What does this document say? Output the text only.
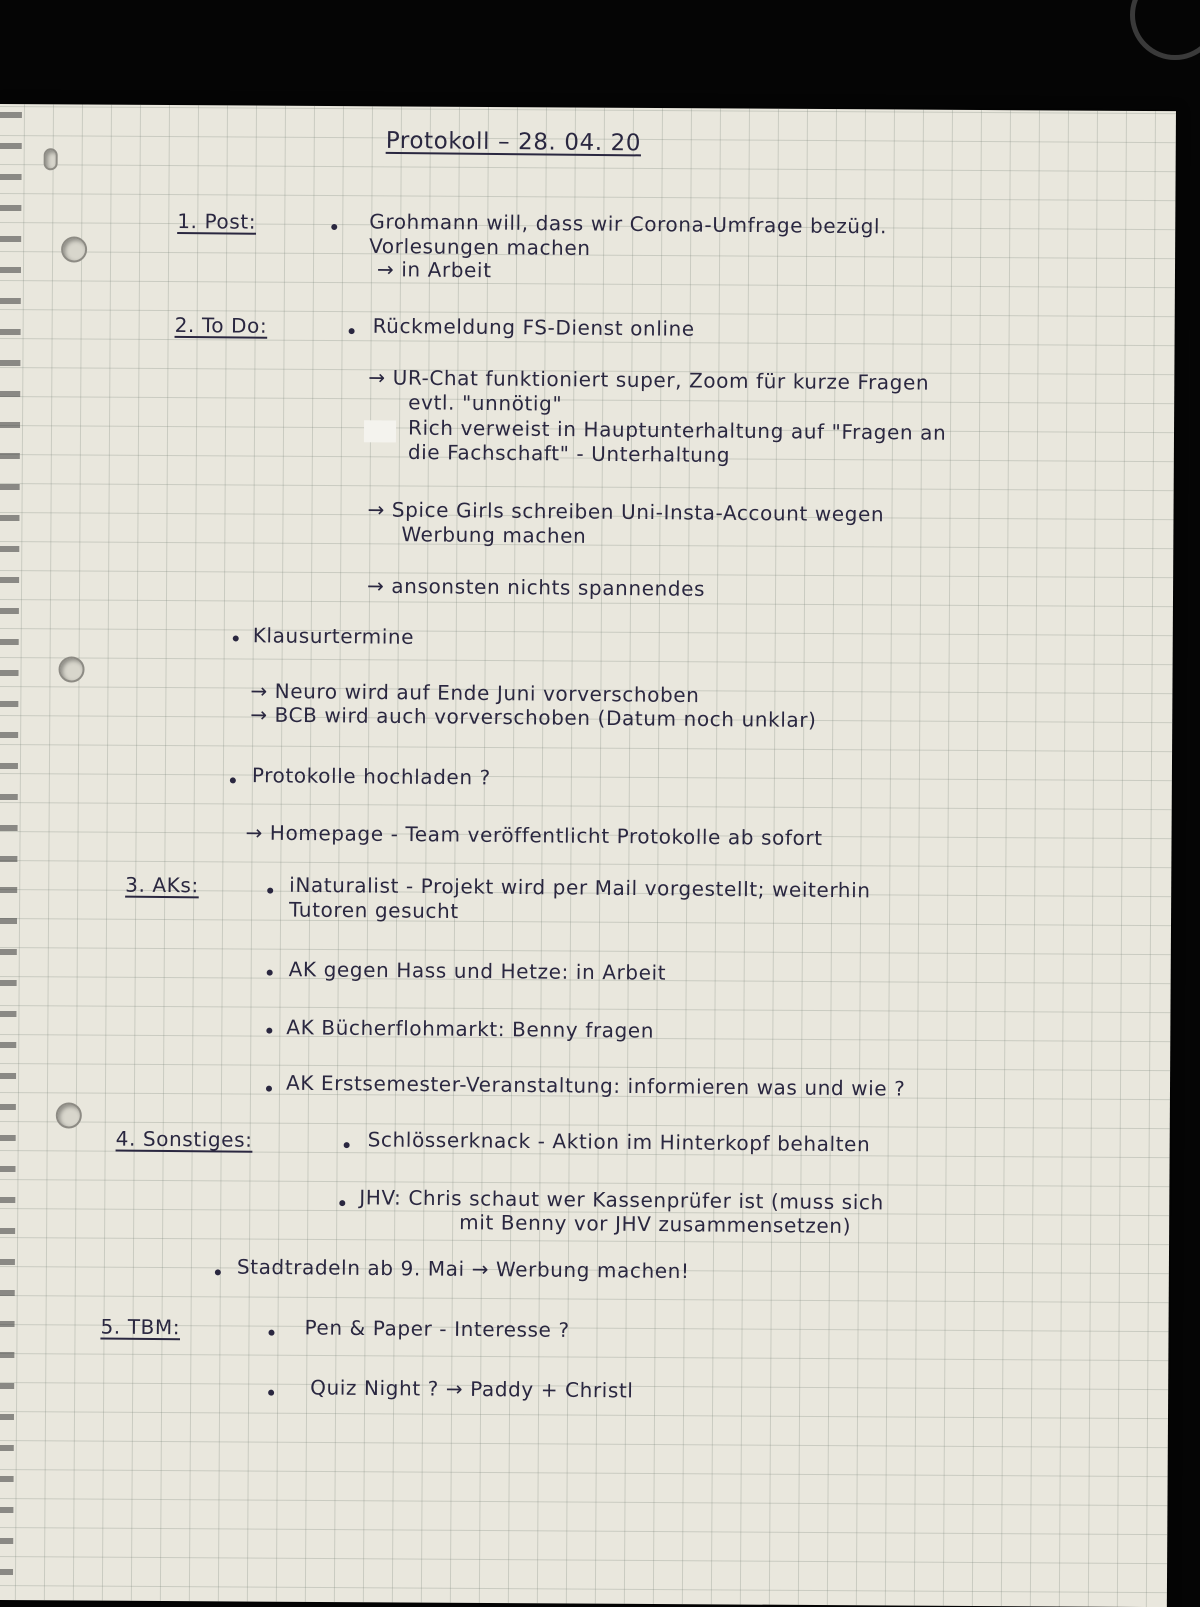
Protokoll – 28. 04. 20
1. Post:	Grohmann will, dass wir Corona-Umfrage bezügl.
Vorlesungen machen
→ in Arbeit
2. To Do:	Rückmeldung FS-Dienst online
→ UR-Chat funktioniert super, Zoom für kurze Fragen
evtl. "unnötig"
Rich verweist in Hauptunterhaltung auf "Fragen an
die Fachschaft" - Unterhaltung
→ Spice Girls schreiben Uni-Insta-Account wegen
Werbung machen
→ ansonsten nichts spannendes
Klausurtermine
→ Neuro wird auf Ende Juni vorverschoben
→ BCB wird auch vorverschoben (Datum noch unklar)
Protokolle hochladen ?
→ Homepage - Team veröffentlicht Protokolle ab sofort
3. AKs:	iNaturalist - Projekt wird per Mail vorgestellt; weiterhin
Tutoren gesucht
AK gegen Hass und Hetze: in Arbeit
AK Bücherflohmarkt: Benny fragen
AK Erstsemester-Veranstaltung: informieren was und wie ?
4. Sonstiges:	Schlösserknack - Aktion im Hinterkopf behalten
JHV: Chris schaut wer Kassenprüfer ist (muss sich
mit Benny vor JHV zusammensetzen)
Stadtradeln ab 9. Mai → Werbung machen!
5. TBM:	Pen & Paper - Interesse ?
Quiz Night ? → Paddy + Christl
